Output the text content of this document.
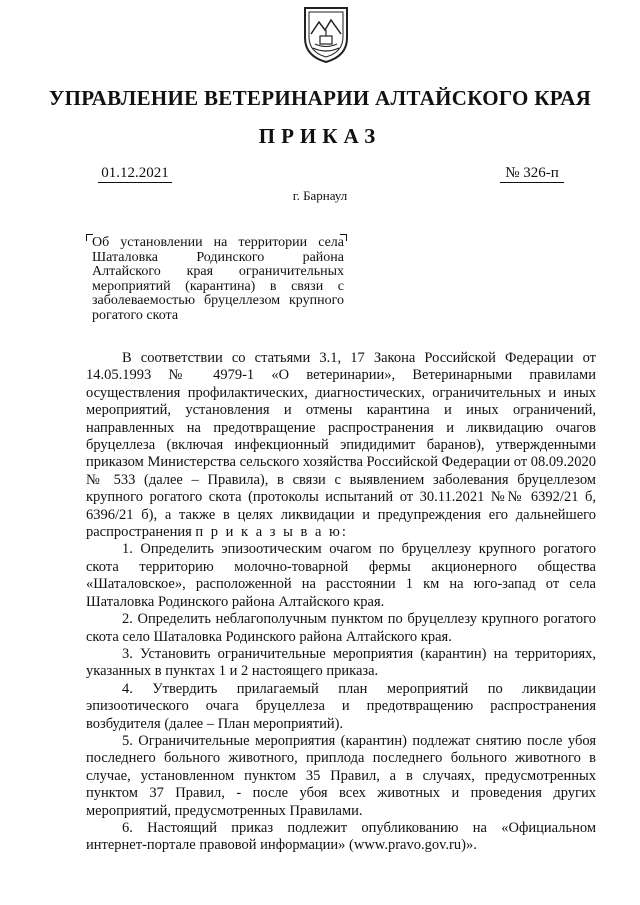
УПРАВЛЕНИЕ ВЕТЕРИНАРИИ АЛТАЙСКОГО КРАЯ
ПРИКАЗ
01.12.2021	№ 326-п
г. Барнаул
Об установлении на территории села Шаталовка Родинского района Алтайского края ограничительных мероприятий (карантина) в связи с заболеваемостью бруцеллезом крупного рогатого скота

В соответствии со статьями 3.1, 17 Закона Российской Федерации от 14.05.1993 № 4979-1 «О ветеринарии», Ветеринарными правилами осуществления профилактических, диагностических, ограничительных и иных мероприятий, установления и отмены карантина и иных ограничений, направленных на предотвращение распространения и ликвидацию очагов бруцеллеза (включая инфекционный эпидидимит баранов), утвержденными приказом Министерства сельского хозяйства Российской Федерации от 08.09.2020 № 533 (далее – Правила), в связи с выявлением заболевания бруцеллезом крупного рогатого скота (протоколы испытаний от 30.11.2021 №№ 6392/21 б, 6396/21 б), а также в целях ликвидации и предупреждения его дальнейшего распространения п р и к а з ы в а ю:

1. Определить эпизоотическим очагом по бруцеллезу крупного рогатого скота территорию молочно-товарной фермы акционерного общества «Шаталовское», расположенной на расстоянии 1 км на юго-запад от села Шаталовка Родинского района Алтайского края.

2. Определить неблагополучным пунктом по бруцеллезу крупного рогатого скота село Шаталовка Родинского района Алтайского края.

3. Установить ограничительные мероприятия (карантин) на территориях, указанных в пунктах 1 и 2 настоящего приказа.

4. Утвердить прилагаемый план мероприятий по ликвидации эпизоотического очага бруцеллеза и предотвращению распространения возбудителя (далее – План мероприятий).

5. Ограничительные мероприятия (карантин) подлежат снятию после убоя последнего больного животного, приплода последнего больного животного в случае, установленном пунктом 35 Правил, а в случаях, предусмотренных пунктом 37 Правил, - после убоя всех животных и проведения других мероприятий, предусмотренных Правилами.

6. Настоящий приказ подлежит опубликованию на «Официальном интернет-портале правовой информации» (www.pravo.gov.ru)».
